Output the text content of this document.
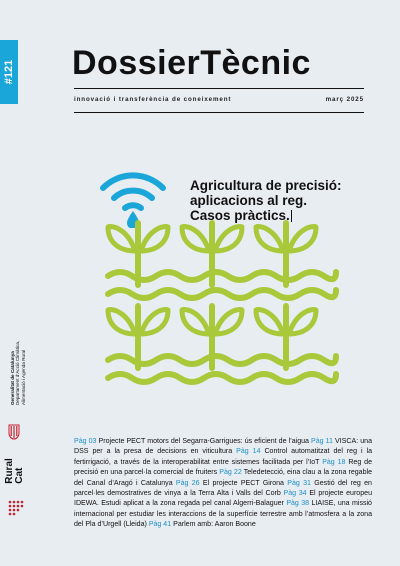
#121 DossierTècnic
innovació i transferència de coneixement	març 2025
Agricultura de precisió:
aplicacions al reg.
Casos pràctics.
Pàg 03 Projecte PECT motors del Segarra-Garrigues: ús eficient de l’aigua Pàg 11 VISCA: una DSS per a la presa de decisions en viticultura Pàg 14 Control automatitzat del reg i la fertirrigació, a través de la interoperabilitat entre sistemes facilitada per l’IoT Pàg 18 Reg de precisió en una parcel·la comercial de fruiters Pàg 22 Teledetecció, eina clau a la zona regable del Canal d’Aragó i Catalunya Pàg 26 El projecte PECT Girona Pàg 31 Gestió del reg en parcel·les demostratives de vinya a la Terra Alta i Valls del Corb Pàg 34 El projecte europeu IDEWA. Estudi aplicat a la zona regada pel canal Algerri-Balaguer Pàg 38 LIAISE, una missió internacional per estudiar les interaccions de la superfície terrestre amb l’atmosfera a la zona del Pla d’Urgell (Lleida) Pàg 41 Parlem amb: Aaron Boone
Generalitat de Catalunya Departament d’Acció Climàtica, Alimentació i Agenda Rural
Rural Cat
